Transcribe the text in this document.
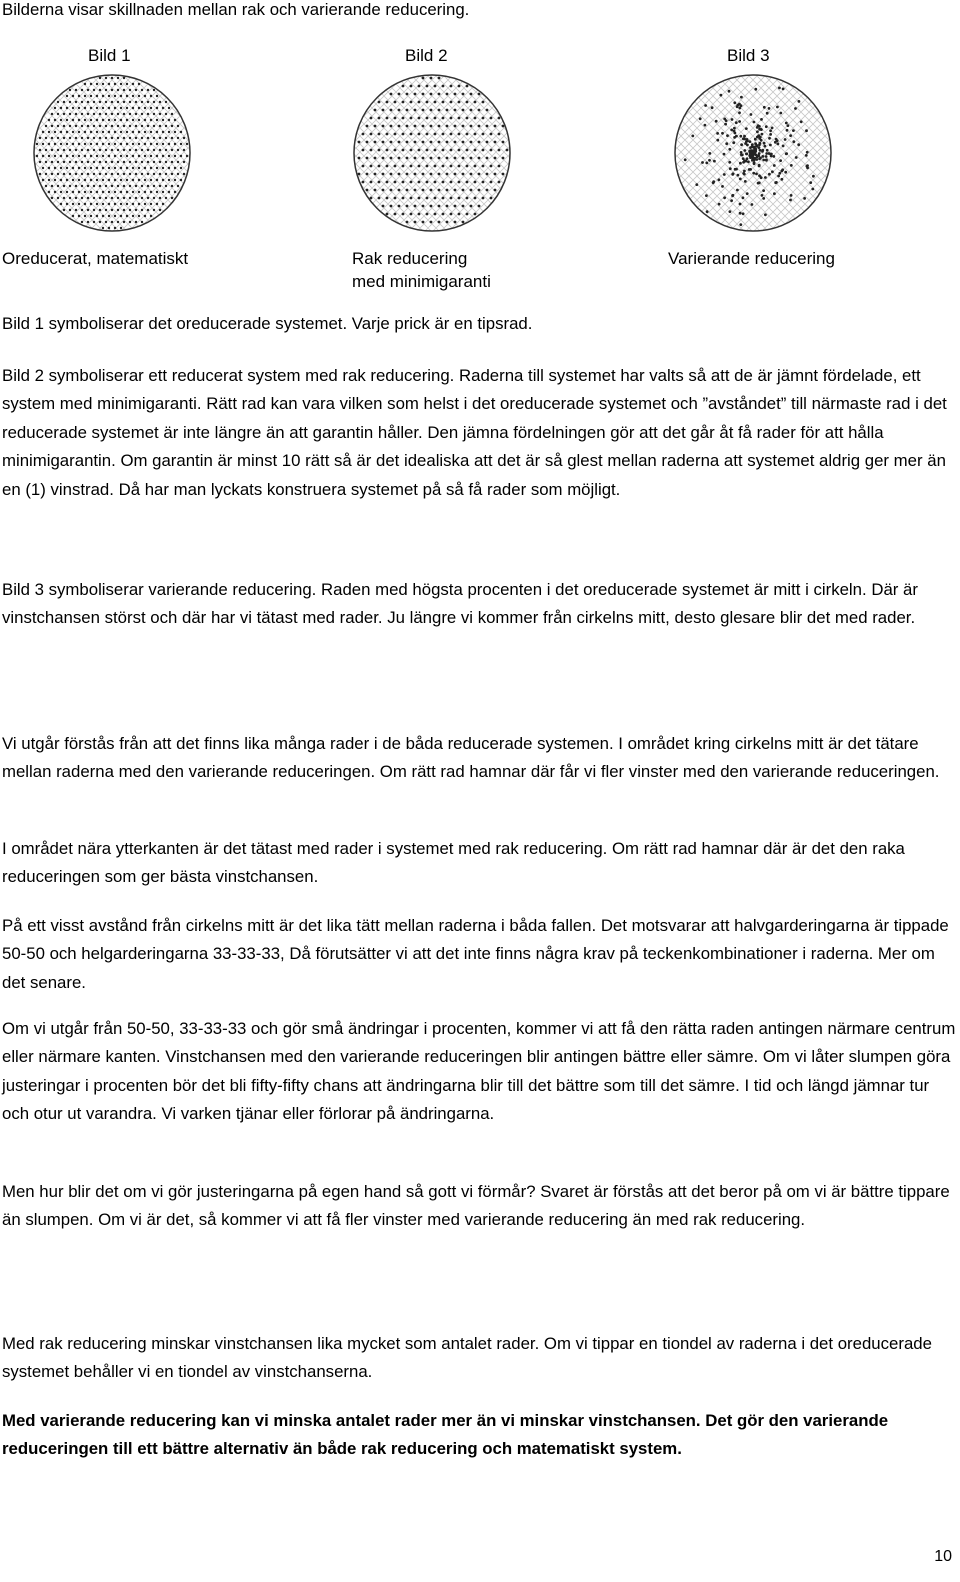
Bilderna visar skillnaden mellan rak och varierande reducering.
Bild 1	Bild 2	Bild 3
Oreducerat, matematiskt	Rak reducering
med minimigaranti
Varierande reducering
Bild 1 symboliserar det oreducerade systemet. Varje prick är en tipsrad.
Bild 2 symboliserar ett reducerat system med rak reducering. Raderna till systemet har valts så att de är jämnt fördelade, ett system med minimigaranti. Rätt rad kan vara vilken som helst i det oreducerade systemet och ”avståndet” till närmaste rad i det reducerade systemet är inte längre än att garantin håller. Den jämna fördelningen gör att det går åt få rader för att hålla minimigarantin. Om garantin är minst 10 rätt så är det idealiska att det är så glest mellan raderna att systemet aldrig ger mer än en (1) vinstrad. Då har man lyckats konstruera systemet på så få rader som möjligt.
Bild 3 symboliserar varierande reducering. Raden med högsta procenten i det oreducerade systemet är mitt i cirkeln. Där är vinstchansen störst och där har vi tätast med rader. Ju längre vi kommer från cirkelns mitt, desto glesare blir det med rader.
Vi utgår förstås från att det finns lika många rader i de båda reducerade systemen. I området kring cirkelns mitt är det tätare mellan raderna med den varierande reduceringen. Om rätt rad hamnar där får vi fler vinster med den varierande reduceringen.
I området nära ytterkanten är det tätast med rader i systemet med rak reducering. Om rätt rad hamnar där är det den raka reduceringen som ger bästa vinstchansen.
På ett visst avstånd från cirkelns mitt är det lika tätt mellan raderna i båda fallen. Det motsvarar att halvgarderingarna är tippade 50-50 och helgarderingarna 33-33-33, Då förutsätter vi att det inte finns några krav på teckenkombinationer i raderna. Mer om det senare.
Om vi utgår från 50-50, 33-33-33 och gör små ändringar i procenten, kommer vi att få den rätta raden antingen närmare centrum eller närmare kanten. Vinstchansen med den varierande reduceringen blir antingen bättre eller sämre. Om vi låter slumpen göra justeringar i procenten bör det bli fifty-fifty chans att ändringarna blir till det bättre som till det sämre. I tid och längd jämnar tur och otur ut varandra. Vi varken tjänar eller förlorar på ändringarna.
Men hur blir det om vi gör justeringarna på egen hand så gott vi förmår? Svaret är förstås att det beror på om vi är bättre tippare än slumpen. Om vi är det, så kommer vi att få fler vinster med varierande reducering än med rak reducering.
Med rak reducering minskar vinstchansen lika mycket som antalet rader. Om vi tippar en tiondel av raderna i det oreducerade systemet behåller vi en tiondel av vinstchanserna.
Med varierande reducering kan vi minska antalet rader mer än vi minskar vinstchansen. Det gör den varierande reduceringen till ett bättre alternativ än både rak reducering och matematiskt system.
10
